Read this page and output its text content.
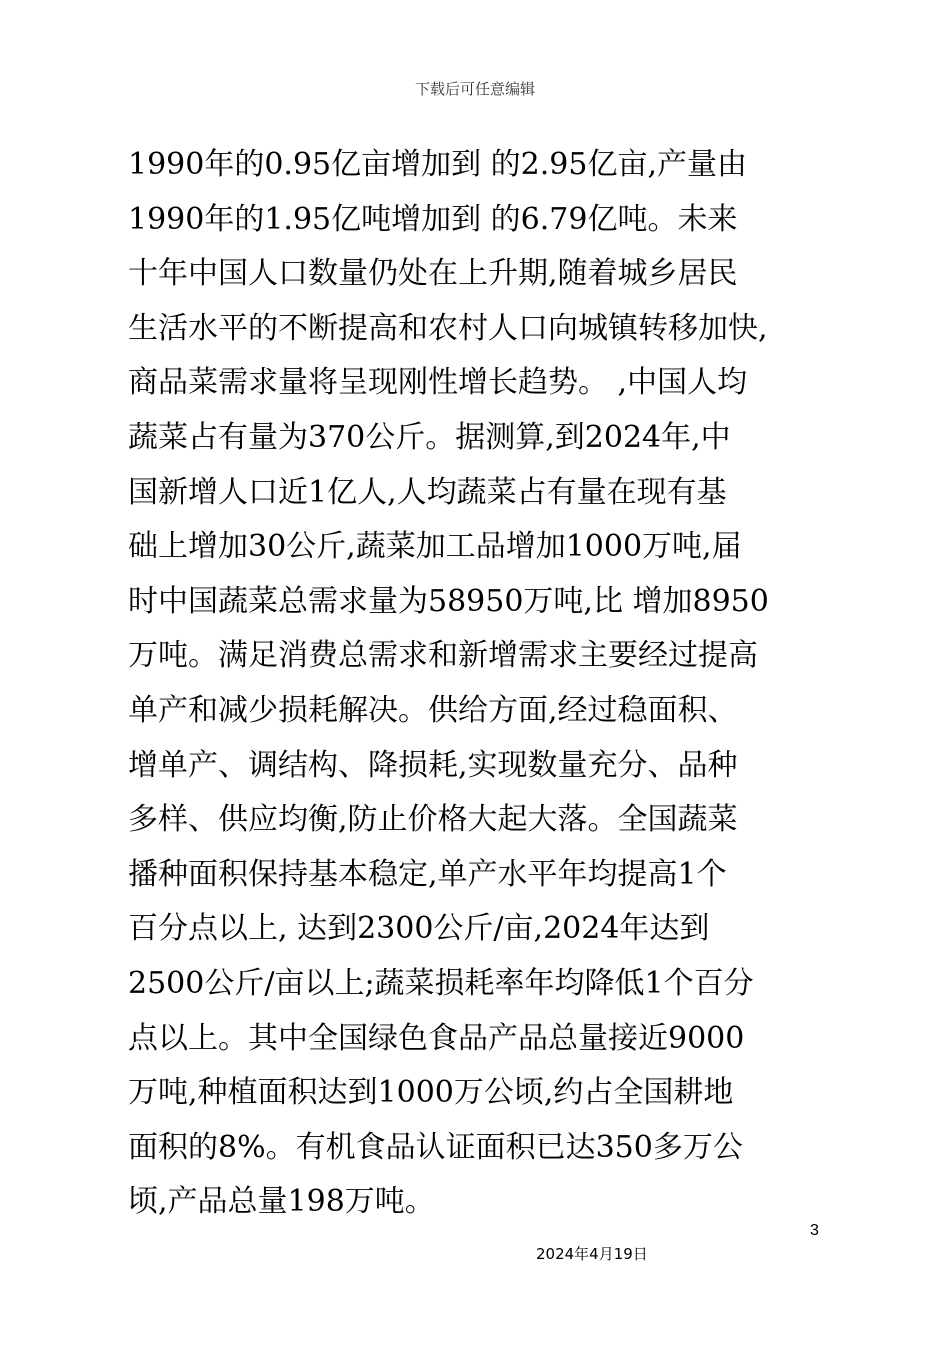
下载后可任意编辑
1990年的0.95亿亩增加到 的2.95亿亩,产量由
1990年的1.95亿吨增加到 的6.79亿吨。未来
十年中国人口数量仍处在上升期,随着城乡居民
生活水平的不断提高和农村人口向城镇转移加快,
商品菜需求量将呈现刚性增长趋势。 ,中国人均
蔬菜占有量为370公斤。据测算,到2024年,中
国新增人口近1亿人,人均蔬菜占有量在现有基
础上增加30公斤,蔬菜加工品增加1000万吨,届
时中国蔬菜总需求量为58950万吨,比 增加8950
万吨。满足消费总需求和新增需求主要经过提高
单产和减少损耗解决。供给方面,经过稳面积、
增单产、调结构、降损耗,实现数量充分、品种
多样、供应均衡,防止价格大起大落。全国蔬菜
播种面积保持基本稳定,单产水平年均提高1个
百分点以上, 达到2300公斤/亩,2024年达到
2500公斤/亩以上;蔬菜损耗率年均降低1个百分
点以上。其中全国绿色食品产品总量接近9000
万吨,种植面积达到1000万公顷,约占全国耕地
面积的8%。有机食品认证面积已达350多万公
顷,产品总量198万吨。
3
2024年4月19日
